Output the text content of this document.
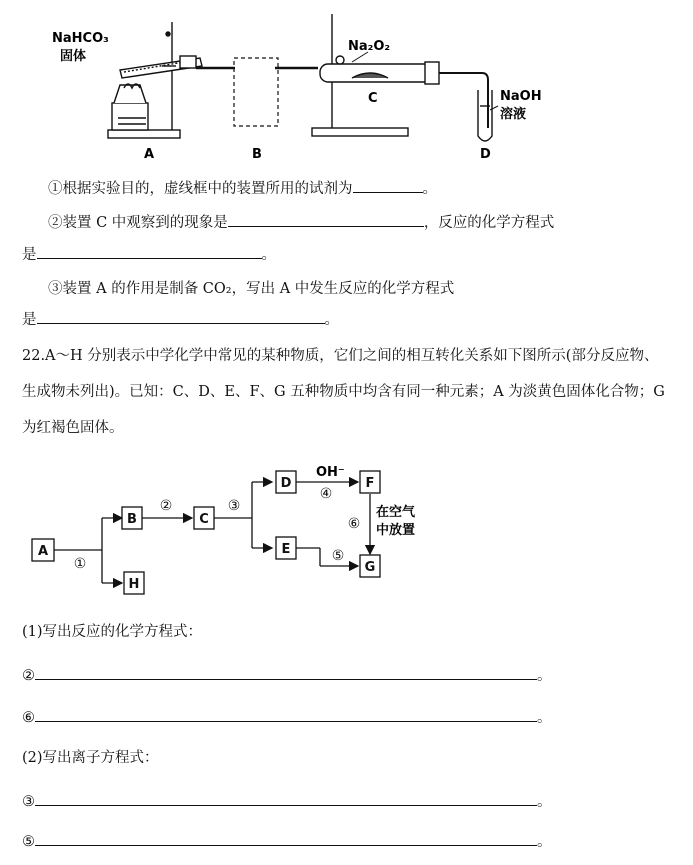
NaHCO₃
固体
Na₂O₂
NaOH
溶液
C
A	B	D
①根据实验目的，虚线框中的装置所用的试剂为	。
②装置 C 中观察到的现象是	，反应的化学方程式
是	。
③装置 A 的作用是制备 CO₂，写出 A 中发生反应的化学方程式
是	。
22.A～H 分别表示中学化学中常见的某种物质，它们之间的相互转化关系如下图所示(部分反应物、生成物未列出)。已知：C、D、E、F、G 五种物质中均含有同一种元素；A 为淡黄色固体化合物；G 为红褐色固体。
A
B	C
D
E
F
G
H
①
②	③
④
⑤
⑥
OH⁻
在空气
中放置
(1)写出反应的化学方程式：
②	。
⑥	。
(2)写出离子方程式：
③	。
⑤	。
